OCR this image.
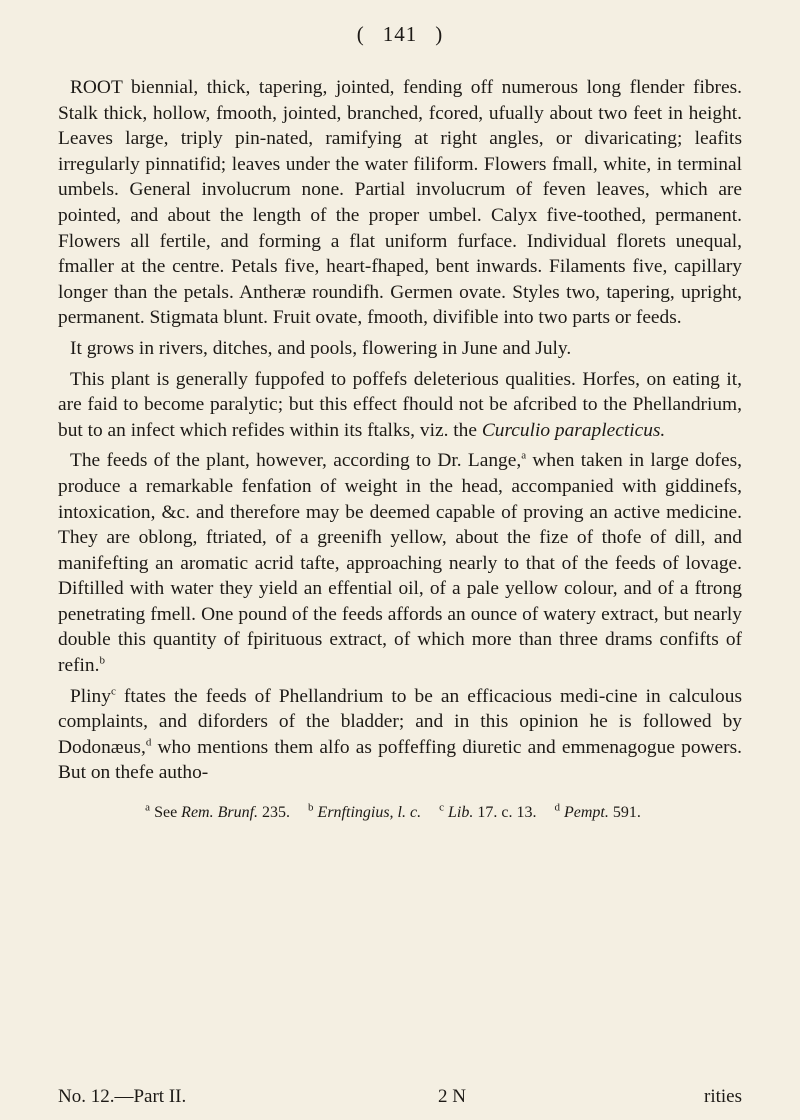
( 141 )

ROOT biennial, thick, tapering, jointed, fending off numerous long flender fibres. Stalk thick, hollow, fmooth, jointed, branched, fcored, ufually about two feet in height. Leaves large, triply pin-nated, ramifying at right angles, or divaricating; leafits irregularly pinnatifid; leaves under the water filiform. Flowers fmall, white, in terminal umbels. General involucrum none. Partial involucrum of feven leaves, which are pointed, and about the length of the proper umbel. Calyx five-toothed, permanent. Flowers all fertile, and forming a flat uniform furface. Individual florets unequal, fmaller at the centre. Petals five, heart-fhaped, bent inwards. Filaments five, capillary longer than the petals. Antheræ roundifh. Germen ovate. Styles two, tapering, upright, permanent. Stigmata blunt. Fruit ovate, fmooth, divifible into two parts or feeds.

It grows in rivers, ditches, and pools, flowering in June and July.

This plant is generally fuppofed to poffefs deleterious qualities. Horfes, on eating it, are faid to become paralytic; but this effect fhould not be afcribed to the Phellandrium, but to an infect which refides within its ftalks, viz. the Curculio paraplecticus.

The feeds of the plant, however, according to Dr. Lange,$^a$ when taken in large dofes, produce a remarkable fenfation of weight in the head, accompanied with giddinefs, intoxication, &c. and therefore may be deemed capable of proving an active medicine. They are oblong, ftriated, of a greenifh yellow, about the fize of thofe of dill, and manifefting an aromatic acrid tafte, approaching nearly to that of the feeds of lovage. Diftilled with water they yield an effential oil, of a pale yellow colour, and of a ftrong penetrating fmell. One pound of the feeds affords an ounce of watery extract, but nearly double this quantity of fpirituous extract, of which more than three drams confifts of refin.$^b$

Pliny$^c$ ftates the feeds of Phellandrium to be an efficacious medi-cine in calculous complaints, and diforders of the bladder; and in this opinion he is followed by Dodonæus,$^d$ who mentions them alfo as poffeffing diuretic and emmenagogue powers. But on thefe autho-

$^a$ See Rem. Brunf. 235. $^b$ Ernftingius, l. c. $^c$ Lib. 17. c. 13. $^d$ Pempt. 591.
No. 12.—Part II.	2 N	rities
